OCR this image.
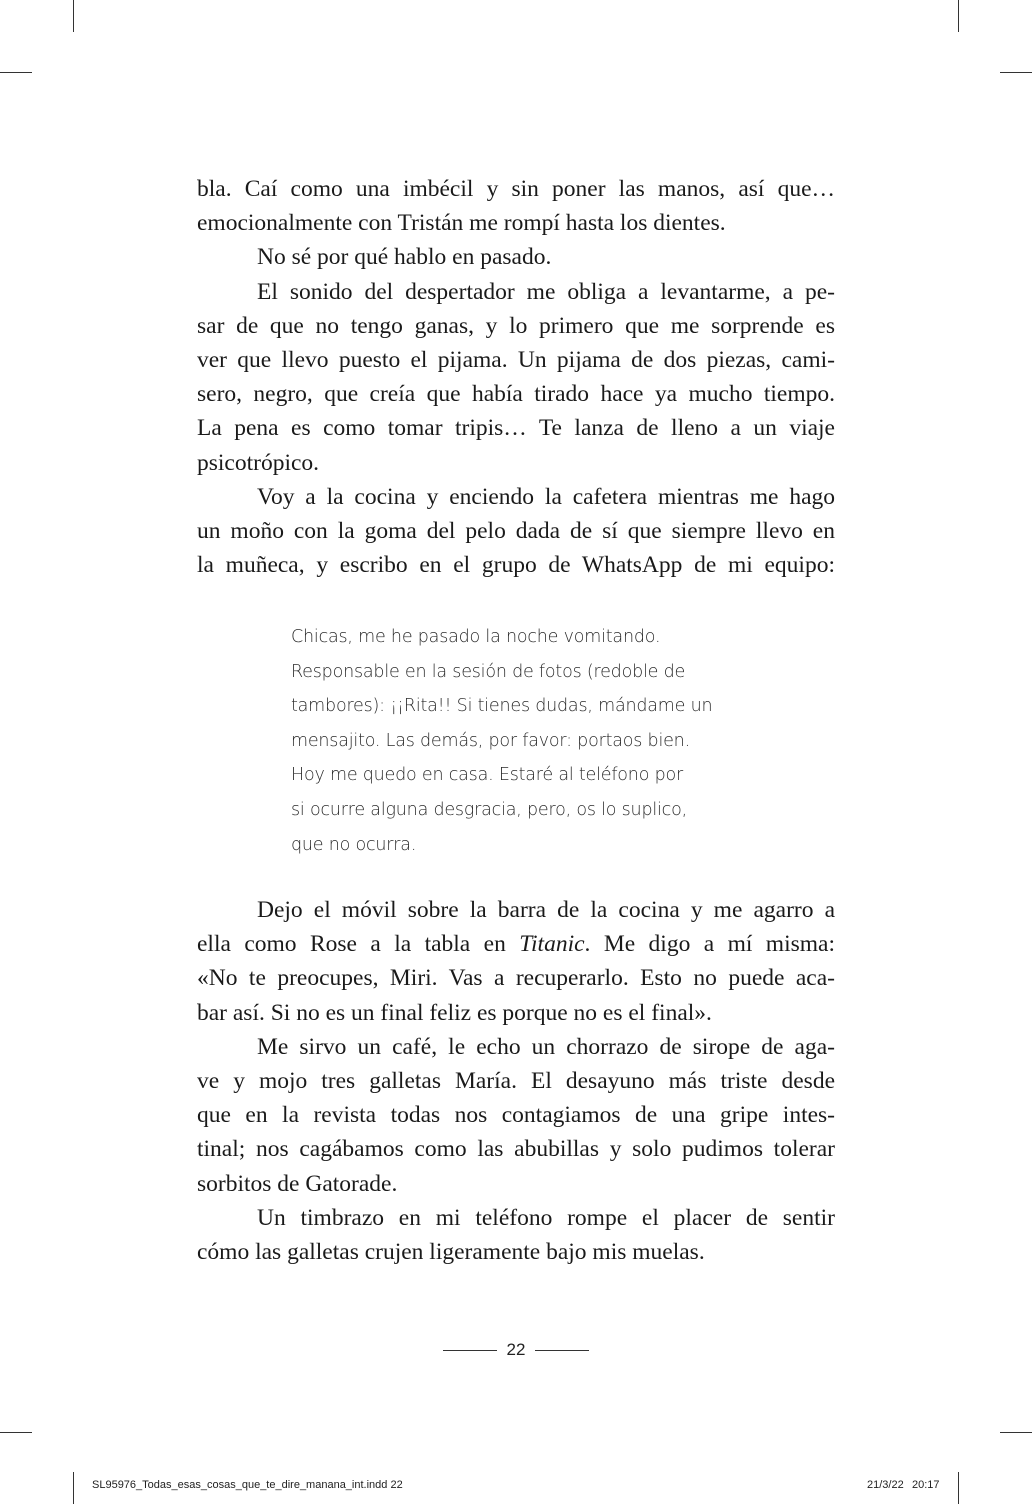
bla. Caí como una imbécil y sin poner las manos, así que…
emocionalmente con Tristán me rompí hasta los dientes.

No sé por qué hablo en pasado.

El sonido del despertador me obliga a levantarme, a pe-
sar de que no tengo ganas, y lo primero que me sorprende es
ver que llevo puesto el pijama. Un pijama de dos piezas, cami-
sero, negro, que creía que había tirado hace ya mucho tiempo.
La pena es como tomar tripis… Te lanza de lleno a un viaje
psicotrópico.

Voy a la cocina y enciendo la cafetera mientras me hago
un moño con la goma del pelo dada de sí que siempre llevo en
la muñeca, y escribo en el grupo de WhatsApp de mi equipo:

Chicas, me he pasado la noche vomitando.
Responsable en la sesión de fotos (redoble de
tambores): ¡¡Rita!! Si tienes dudas, mándame un
mensajito. Las demás, por favor: portaos bien.
Hoy me quedo en casa. Estaré al teléfono por
si ocurre alguna desgracia, pero, os lo suplico,
que no ocurra.

Dejo el móvil sobre la barra de la cocina y me agarro a
ella como Rose a la tabla en Titanic. Me digo a mí misma:
«No te preocupes, Miri. Vas a recuperarlo. Esto no puede aca-
bar así. Si no es un final feliz es porque no es el final».

Me sirvo un café, le echo un chorrazo de sirope de aga-
ve y mojo tres galletas María. El desayuno más triste desde
que en la revista todas nos contagiamos de una gripe intes-
tinal; nos cagábamos como las abubillas y solo pudimos tolerar
sorbitos de Gatorade.

Un timbrazo en mi teléfono rompe el placer de sentir
cómo las galletas crujen ligeramente bajo mis muelas.

22
SL95976_Todas_esas_cosas_que_te_dire_manana_int.indd 22	21/3/22 20:17
